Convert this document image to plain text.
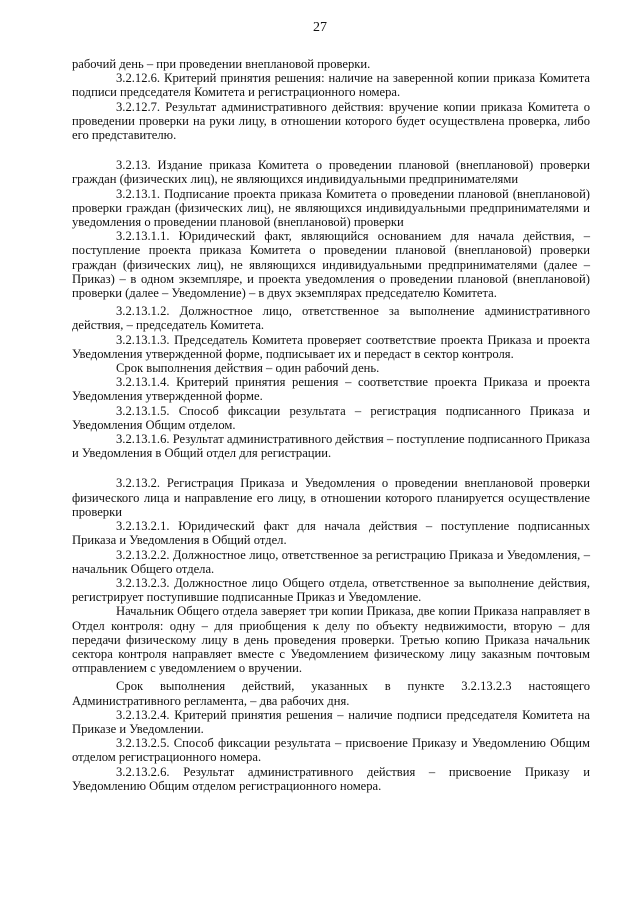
27

рабочий день – при проведении внеплановой проверки.

3.2.12.6. Критерий принятия решения: наличие на заверенной копии приказа Комитета подписи председателя Комитета и регистрационного номера.

3.2.12.7. Результат административного действия: вручение копии приказа Комитета о проведении проверки на руки лицу, в отношении которого будет осуществлена проверка, либо его представителю.

3.2.13. Издание приказа Комитета о проведении плановой (внеплановой) проверки граждан (физических лиц), не являющихся индивидуальными предпринимателями

3.2.13.1. Подписание проекта приказа Комитета о проведении плановой (внеплановой) проверки граждан (физических лиц), не являющихся индивидуальными предпринимателями и уведомления о проведении плановой (внеплановой) проверки

3.2.13.1.1. Юридический факт, являющийся основанием для начала действия, – поступление проекта приказа Комитета о проведении плановой (внеплановой) проверки граждан (физических лиц), не являющихся индивидуальными предпринимателями (далее – Приказ) – в одном экземпляре, и проекта уведомления о проведении плановой (внеплановой) проверки (далее – Уведомление) – в двух экземплярах председателю Комитета.

3.2.13.1.2. Должностное лицо, ответственное за выполнение административного действия, – председатель Комитета.

3.2.13.1.3. Председатель Комитета проверяет соответствие проекта Приказа и проекта Уведомления утвержденной форме, подписывает их и передаст в сектор контроля.

Срок выполнения действия – один рабочий день.

3.2.13.1.4. Критерий принятия решения – соответствие проекта Приказа и проекта Уведомления утвержденной форме.

3.2.13.1.5. Способ фиксации результата – регистрация подписанного Приказа и Уведомления Общим отделом.

3.2.13.1.6. Результат административного действия – поступление подписанного Приказа и Уведомления в Общий отдел для регистрации.

3.2.13.2. Регистрация Приказа и Уведомления о проведении внеплановой проверки физического лица и направление его лицу, в отношении которого планируется осуществление проверки

3.2.13.2.1. Юридический факт для начала действия – поступление подписанных Приказа и Уведомления в Общий отдел.

3.2.13.2.2. Должностное лицо, ответственное за регистрацию Приказа и Уведомления, – начальник Общего отдела.

3.2.13.2.3. Должностное лицо Общего отдела, ответственное за выполнение действия, регистрирует поступившие подписанные Приказ и Уведомление.

Начальник Общего отдела заверяет три копии Приказа, две копии Приказа направляет в Отдел контроля: одну – для приобщения к делу по объекту недвижимости, вторую – для передачи физическому лицу в день проведения проверки. Третью копию Приказа начальник сектора контроля направляет вместе с Уведомлением физическому лицу заказным почтовым отправлением с уведомлением о вручении.

Срок выполнения действий, указанных в пункте 3.2.13.2.3 настоящего Административного регламента, – два рабочих дня.

3.2.13.2.4. Критерий принятия решения – наличие подписи председателя Комитета на Приказе и Уведомлении.

3.2.13.2.5. Способ фиксации результата – присвоение Приказу и Уведомлению Общим отделом регистрационного номера.

3.2.13.2.6. Результат административного действия – присвоение Приказу и Уведомлению Общим отделом регистрационного номера.
